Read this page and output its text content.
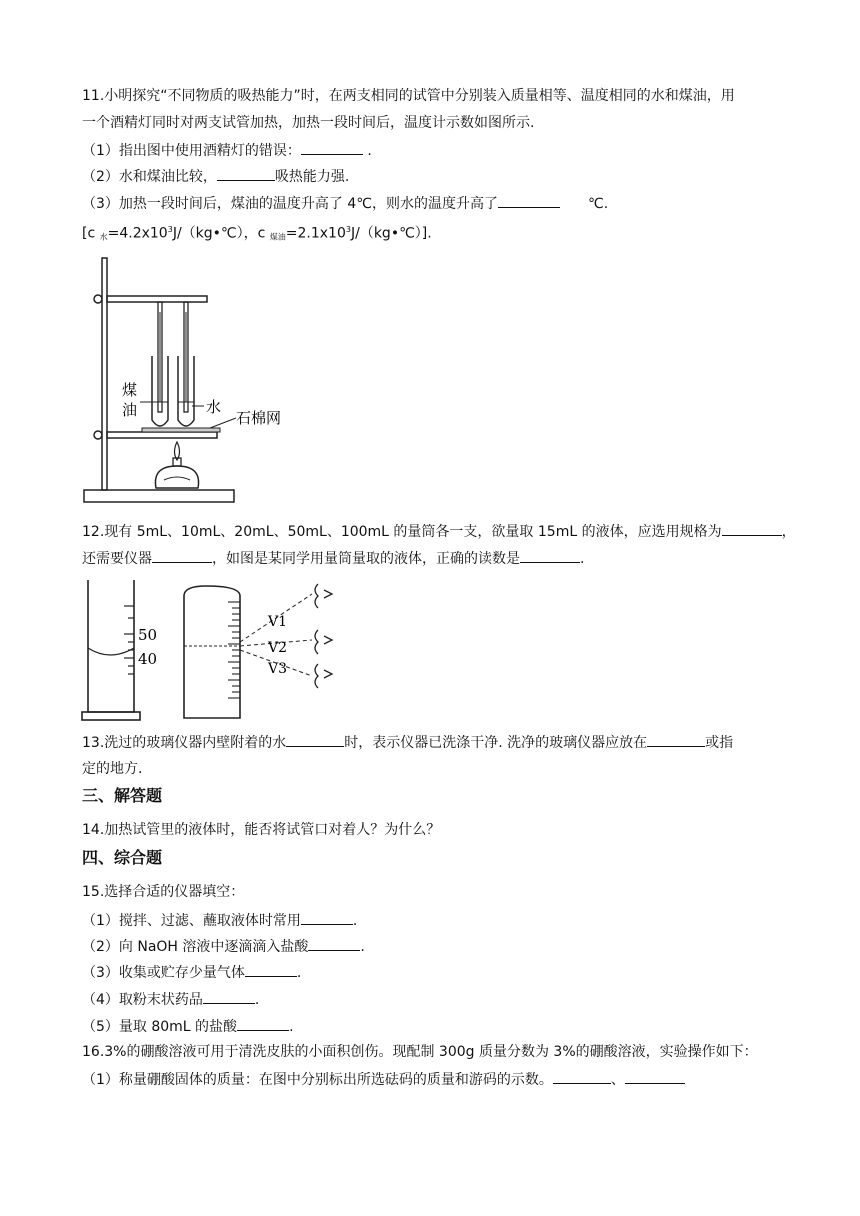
11.小明探究“不同物质的吸热能力”时，在两支相同的试管中分别装入质量相等、温度相同的水和煤油，用
一个酒精灯同时对两支试管加热，加热一段时间后，温度计示数如图所示.
（1）指出图中使用酒精灯的错误：	.
（2）水和煤油比较，	吸热能力强.
（3）加热一段时间后，煤油的温度升高了 4℃，则水的温度升高了	℃.
[c $_水=4.2x10^3J/(kg•℃)$，c $_{煤油}=2.1x10^3J/(kg•℃)$].
煤
油	水
石棉网
12.现有 5mL、10mL、20mL、50mL、100mL 的量筒各一支，欲量取 15mL 的液体，应选用规格为	，
还需要仪器	，如图是某同学用量筒量取的液体，正确的读数是	.
50
40
V1
V2
V3
13.洗过的玻璃仪器内壁附着的水	时，表示仪器已洗涤干净. 洗净的玻璃仪器应放在	或指
定的地方.
三、解答题
14.加热试管里的液体时，能否将试管口对着人？为什么？
四、综合题
15.选择合适的仪器填空：
（1）搅拌、过滤、蘸取液体时常用	.
（2）向 NaOH 溶液中逐滴滴入盐酸	.
（3）收集或贮存少量气体	.
（4）取粉末状药品	.
（5）量取 80mL 的盐酸	.
16.3%的硼酸溶液可用于清洗皮肤的小面积创伤。现配制 300g 质量分数为 3%的硼酸溶液，实验操作如下：
（1）称量硼酸固体的质量：在图中分别标出所选砝码的质量和游码的示数。	、
